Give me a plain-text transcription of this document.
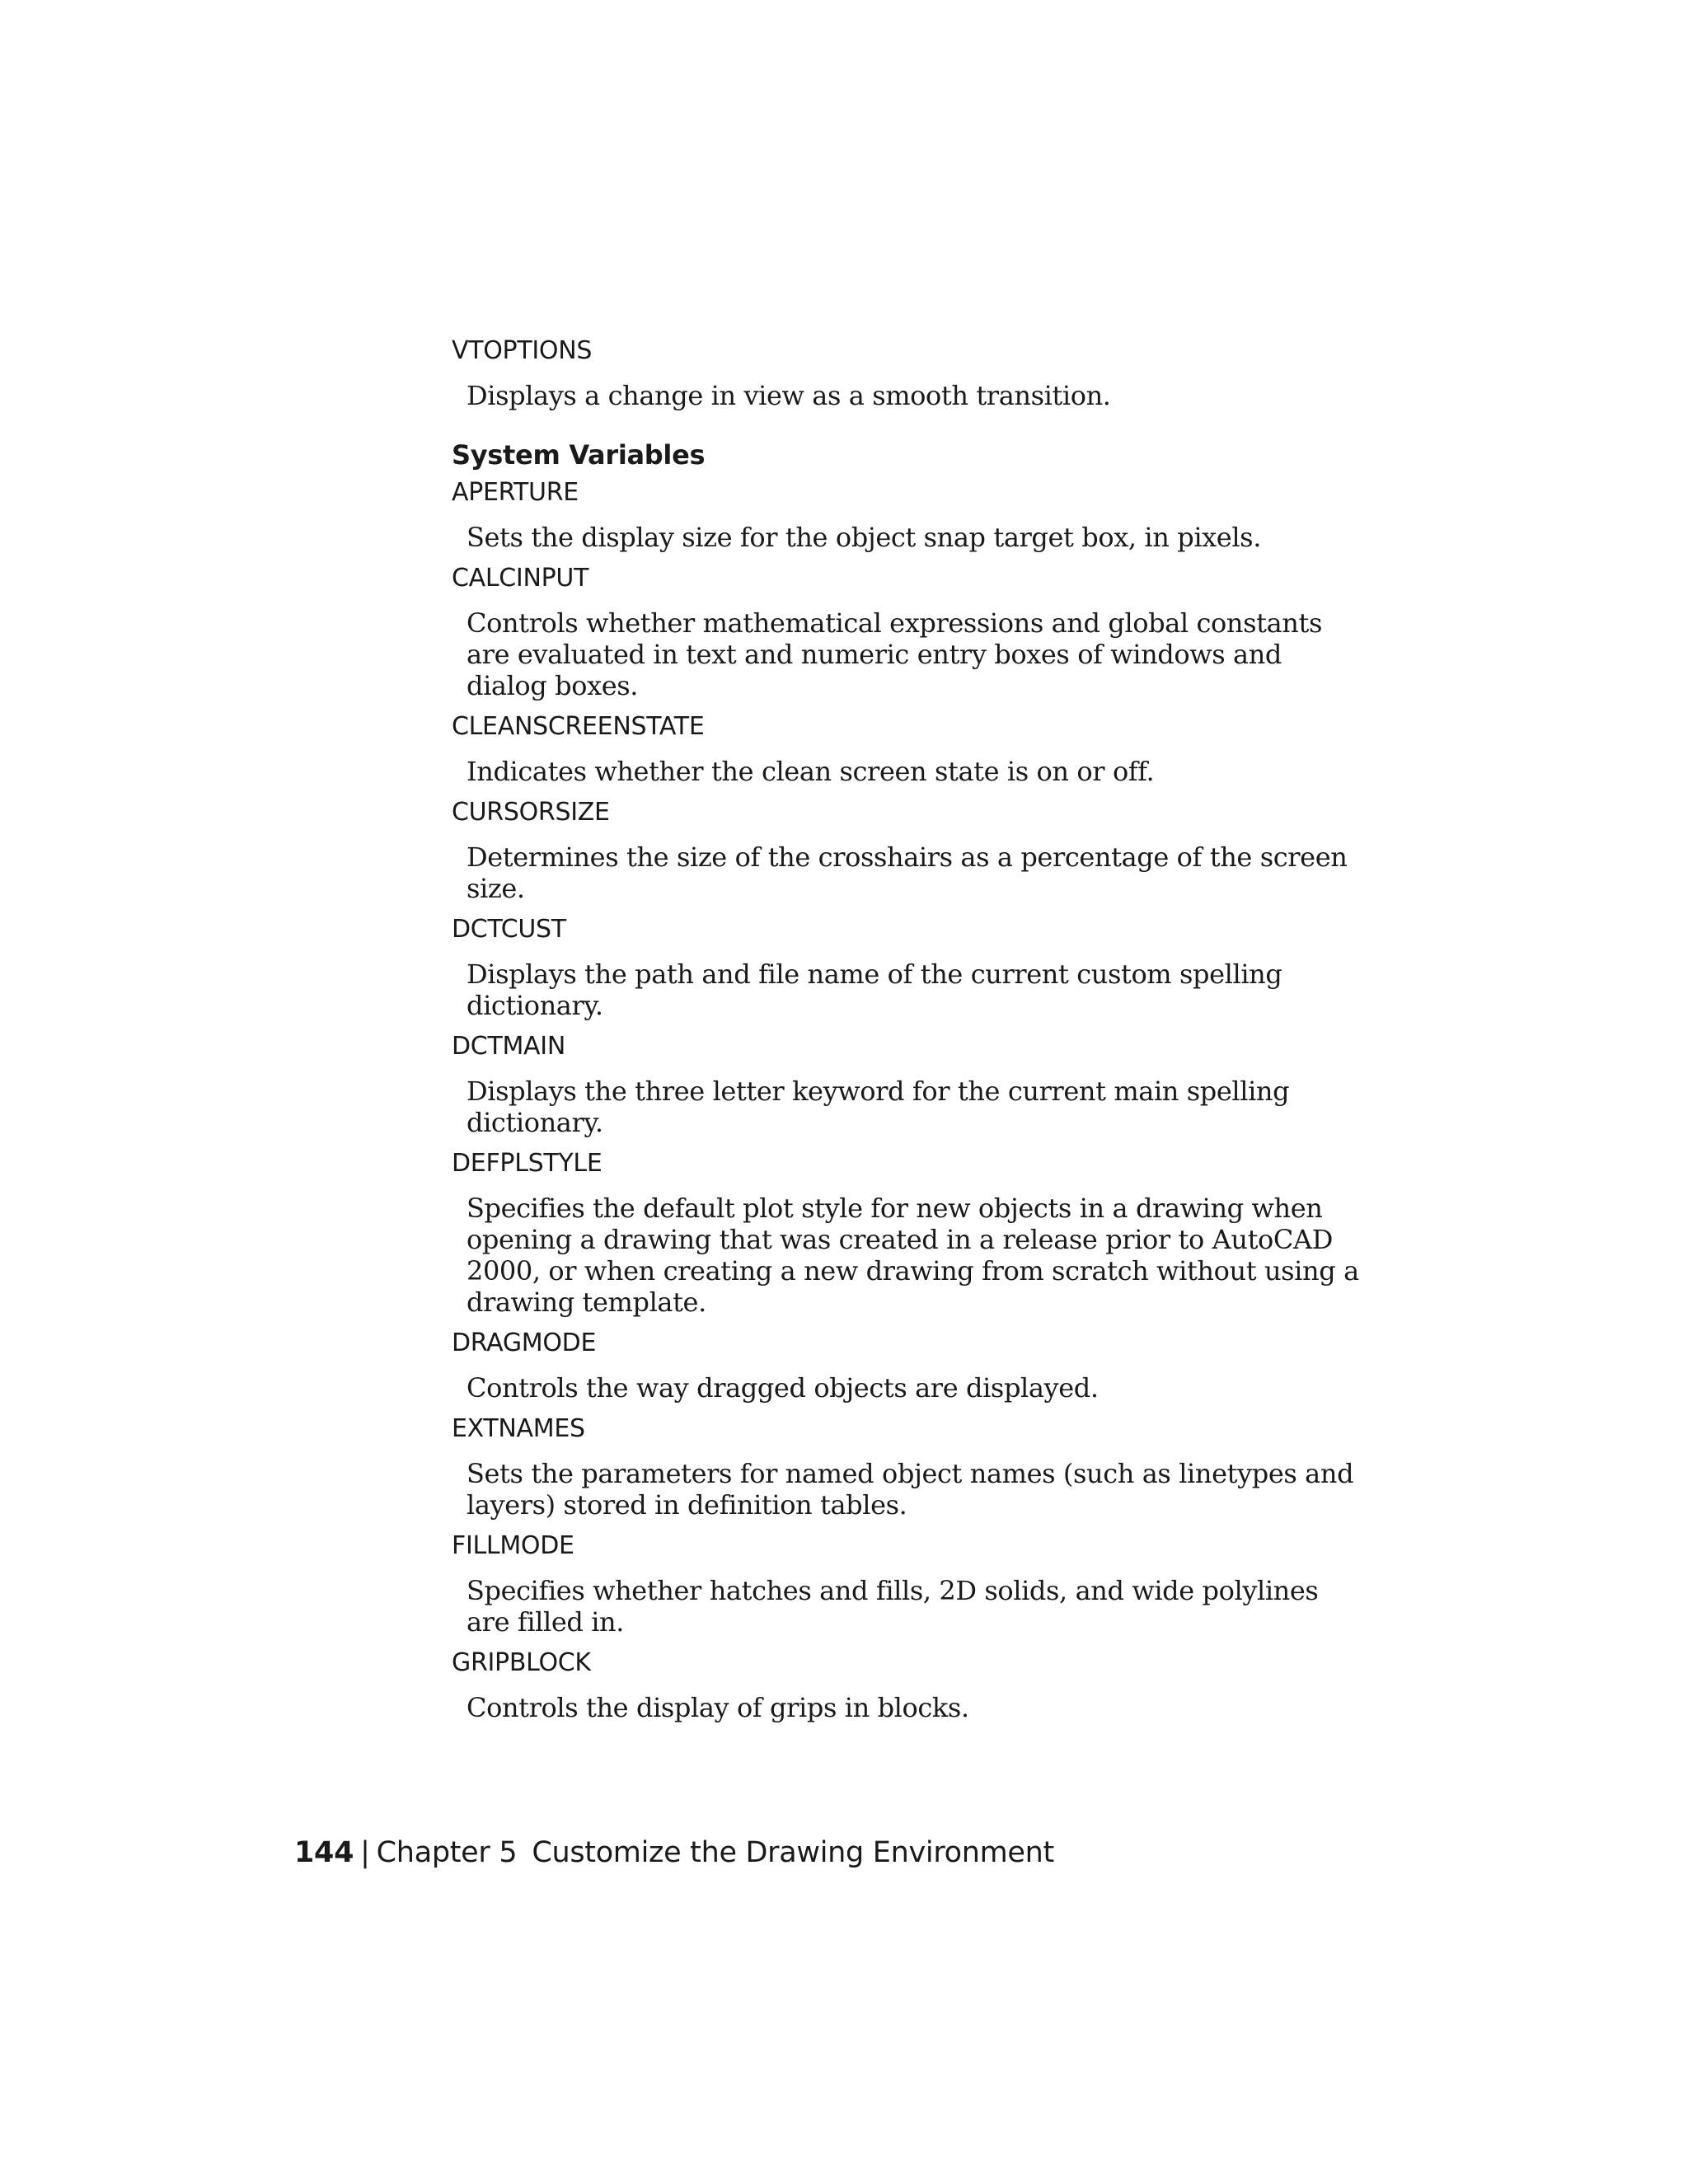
VTOPTIONS

Displays a change in view as a smooth transition.

System Variables

APERTURE

Sets the display size for the object snap target box, in pixels.

CALCINPUT

Controls whether mathematical expressions and global constants are evaluated in text and numeric entry boxes of windows and dialog boxes.

CLEANSCREENSTATE

Indicates whether the clean screen state is on or off.

CURSORSIZE

Determines the size of the crosshairs as a percentage of the screen size.

DCTCUST

Displays the path and file name of the current custom spelling dictionary.

DCTMAIN

Displays the three letter keyword for the current main spelling dictionary.

DEFPLSTYLE

Specifies the default plot style for new objects in a drawing when opening a drawing that was created in a release prior to AutoCAD 2000, or when creating a new drawing from scratch without using a drawing template.

DRAGMODE

Controls the way dragged objects are displayed.

EXTNAMES

Sets the parameters for named object names (such as linetypes and layers) stored in definition tables.

FILLMODE

Specifies whether hatches and fills, 2D solids, and wide polylines are filled in.

GRIPBLOCK

Controls the display of grips in blocks.

144 | Chapter 5 Customize the Drawing Environment
